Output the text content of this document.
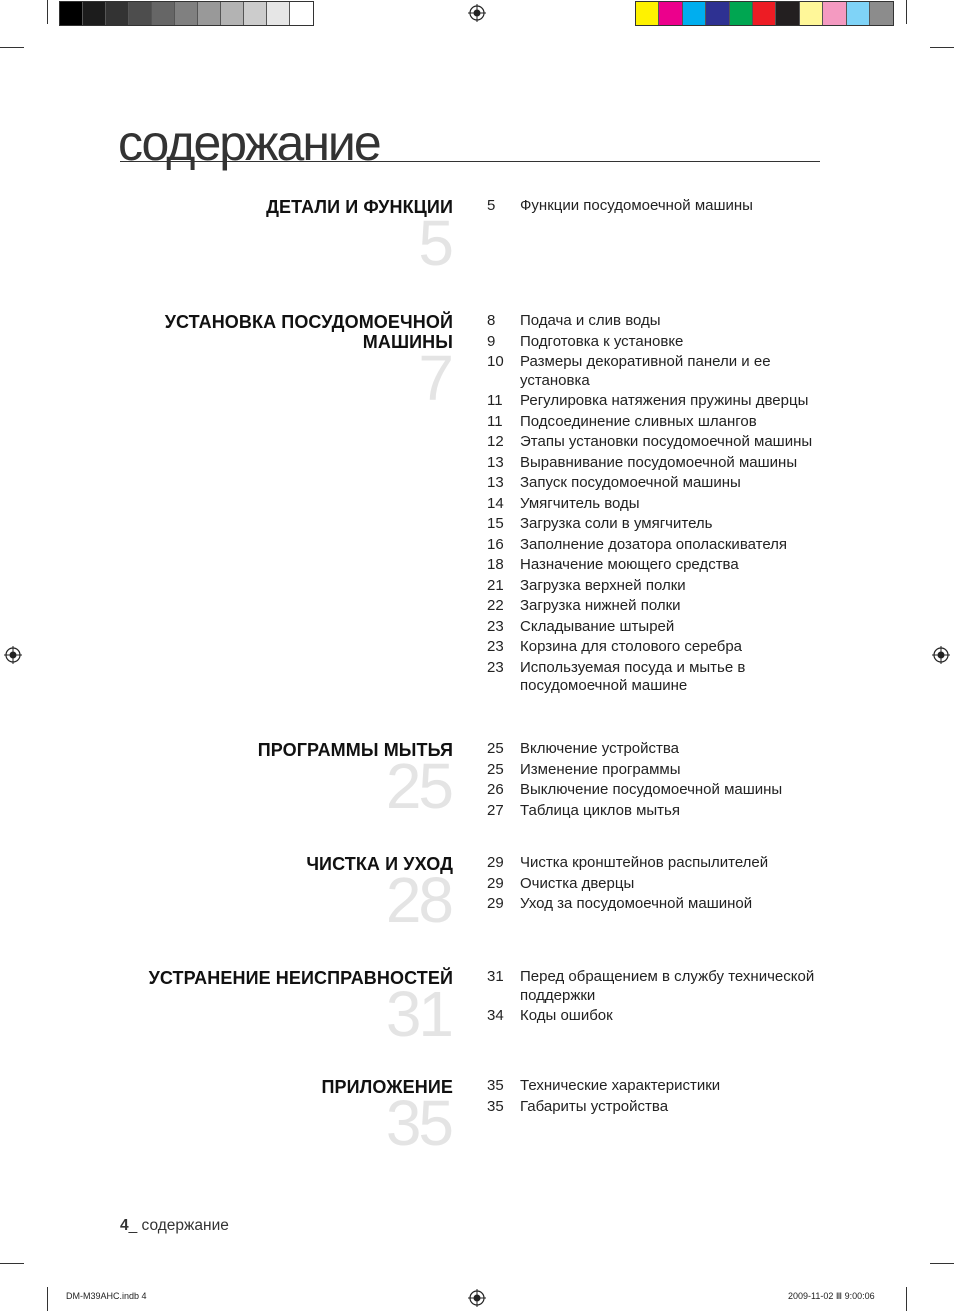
содержание
ДЕТАЛИ И ФУНКЦИИ
5
5	Функции посудомоечной машины
УСТАНОВКА ПОСУДОМОЕЧНОЙ МАШИНЫ
7
8	Подача и слив воды
9	Подготовка к установке
10	Размеры декоративной панели и ее установка
11	Регулировка натяжения пружины дверцы
11	Подсоединение сливных шлангов
12	Этапы установки посудомоечной машины
13	Выравнивание посудомоечной машины
13	Запуск посудомоечной машины
14	Умягчитель воды
15	Загрузка соли в умягчитель
16	Заполнение дозатора ополаскивателя
18	Назначение моющего средства
21	Загрузка верхней полки
22	Загрузка нижней полки
23	Складывание штырей
23	Корзина для столового серебра
23	Используемая посуда и мытье в посудомоечной машине
ПРОГРАММЫ МЫТЬЯ
25
25	Включение устройства
25	Изменение программы
26	Выключение посудомоечной машины
27	Таблица циклов мытья
ЧИСТКА И УХОД
28
29	Чистка кронштейнов распылителей
29	Очистка дверцы
29	Уход за посудомоечной машиной
УСТРАНЕНИЕ НЕИСПРАВНОСТЕЙ
31
31	Перед обращением в службу технической поддержки
34	Коды ошибок
ПРИЛОЖЕНИЕ
35
35	Технические характеристики
35	Габариты устройства
4_ содержание
DM-M39AHC.indb 4	2009-11-02 Ⅲ 9:00:06
